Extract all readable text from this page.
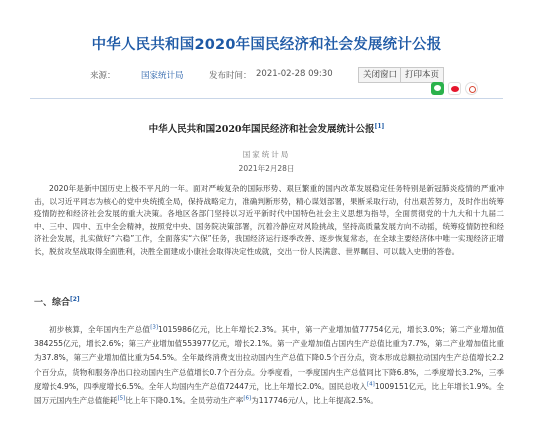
中华人民共和国2020年国民经济和社会发展统计公报
来源：	国家统计局	发布时间： 2021-02-28 09:30	关闭窗口 打印本页
中华人民共和国2020年国民经济和社会发展统计公报[1]
国家统计局
2021年2月28日
2020年是新中国历史上极不平凡的一年。面对严峻复杂的国际形势、艰巨繁重的国内改革发展稳定任务特别是新冠肺炎疫情的严重冲击，以习近平同志为核心的党中央统揽全局，保持战略定力，准确判断形势，精心谋划部署，果断采取行动，付出艰苦努力，及时作出统筹疫情防控和经济社会发展的重大决策。各地区各部门坚持以习近平新时代中国特色社会主义思想为指导，全面贯彻党的十九大和十九届二中、三中、四中、五中全会精神，按照党中央、国务院决策部署，沉着冷静应对风险挑战，坚持高质量发展方向不动摇，统筹疫情防控和经济社会发展，扎实做好“六稳”工作，全面落实“六保”任务，我国经济运行逐季改善、逐步恢复常态，在全球主要经济体中唯一实现经济正增长，脱贫攻坚战取得全面胜利，决胜全面建成小康社会取得决定性成就，交出一份人民满意、世界瞩目、可以载入史册的答卷。
一、综合[2]
初步核算，全年国内生产总值[3]1015986亿元，比上年增长2.3%。其中，第一产业增加值77754亿元，增长3.0%；第二产业增加值384255亿元，增长2.6%；第三产业增加值553977亿元，增长2.1%。第一产业增加值占国内生产总值比重为7.7%，第二产业增加值比重为37.8%，第三产业增加值比重为54.5%。全年最终消费支出拉动国内生产总值下降0.5个百分点，资本形成总额拉动国内生产总值增长2.2个百分点，货物和服务净出口拉动国内生产总值增长0.7个百分点。分季度看，一季度国内生产总值同比下降6.8%，二季度增长3.2%，三季度增长4.9%，四季度增长6.5%。全年人均国内生产总值72447元，比上年增长2.0%。国民总收入[4]1009151亿元，比上年增长1.9%。全国万元国内生产总值能耗[5]比上年下降0.1%。全员劳动生产率[6]为117746元/人，比上年提高2.5%。
